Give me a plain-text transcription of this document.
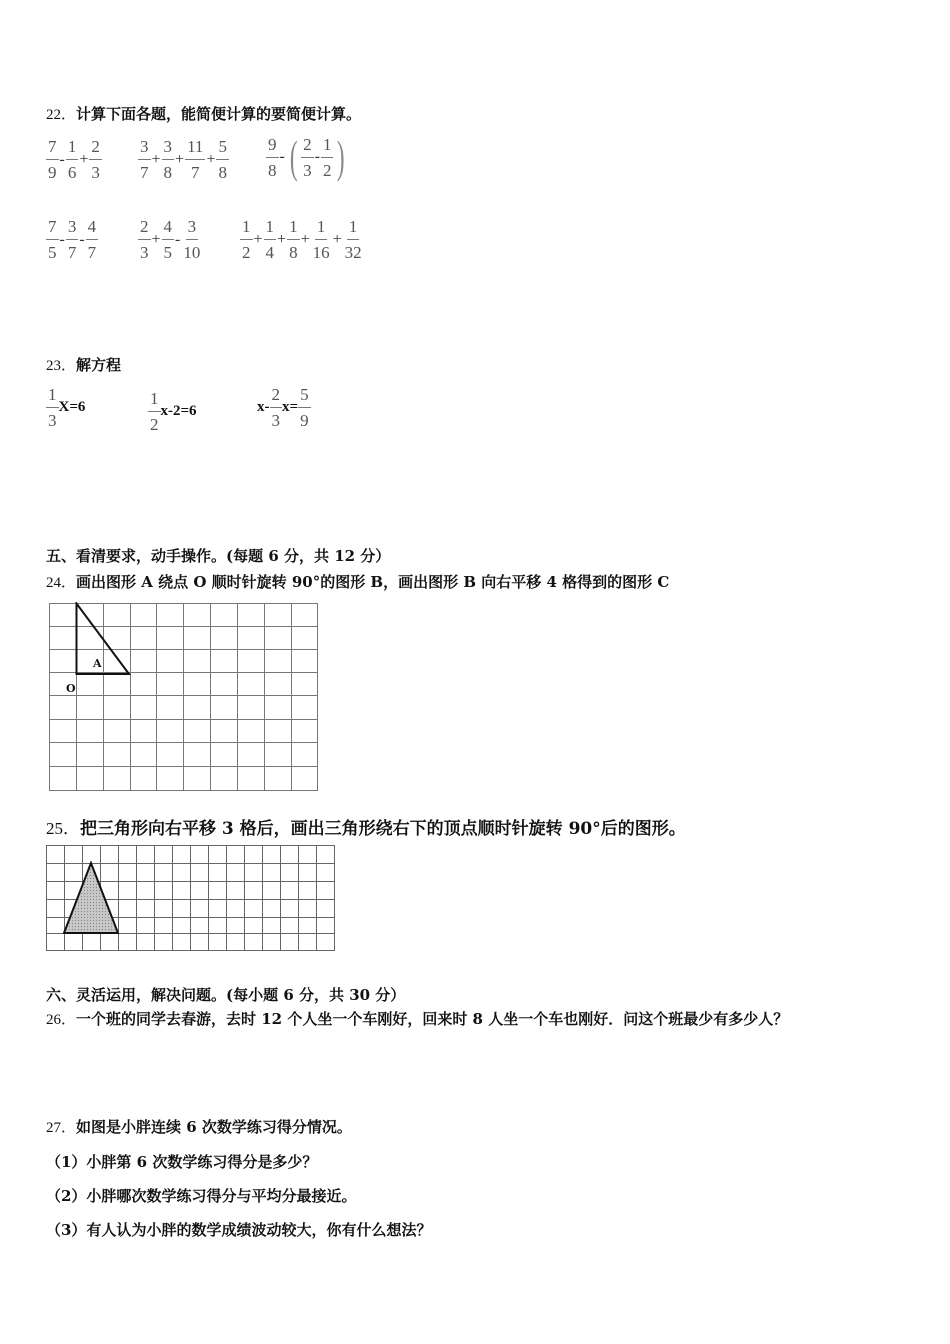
22．计算下面各题，能简便计算的要简便计算。
$\frac{7}{9} - \frac{1}{6} + \frac{2}{3} \frac{3}{7} + \frac{3}{8} + \frac{11}{7} + \frac{5}{8} \frac{9}{8}$ - ( $\frac{2}{3} - \frac{1}{2}$ )
$\frac{7}{5} - \frac{3}{7} - \frac{4}{7} \frac{2}{3} + \frac{4}{5} - \frac{3}{10} \frac{1}{2} + \frac{1}{4} + \frac{1}{8} + \frac{1}{16} + \frac{1}{32}$
23．解方程
$\frac{1}{3} X=6$	$\frac{1}{2} x-2=6$	$x- \frac{2}{3} x= \frac{5}{9}$
五、看清要求，动手操作。(每题 6 分，共 12 分）
24．画出图形 A 绕点 O 顺时针旋转 90°的图形 B，画出图形 B 向右平移 4 格得到的图形 C
A
O
25．把三角形向右平移 3 格后，画出三角形绕右下的顶点顺时针旋转 90°后的图形。
六、灵活运用，解决问题。(每小题 6 分，共 30 分）
26．一个班的同学去春游，去时 12 个人坐一个车刚好，回来时 8 人坐一个车也刚好．问这个班最少有多少人？
27．如图是小胖连续 6 次数学练习得分情况。
（1）小胖第 6 次数学练习得分是多少？
（2）小胖哪次数学练习得分与平均分最接近。
（3）有人认为小胖的数学成绩波动较大，你有什么想法？
